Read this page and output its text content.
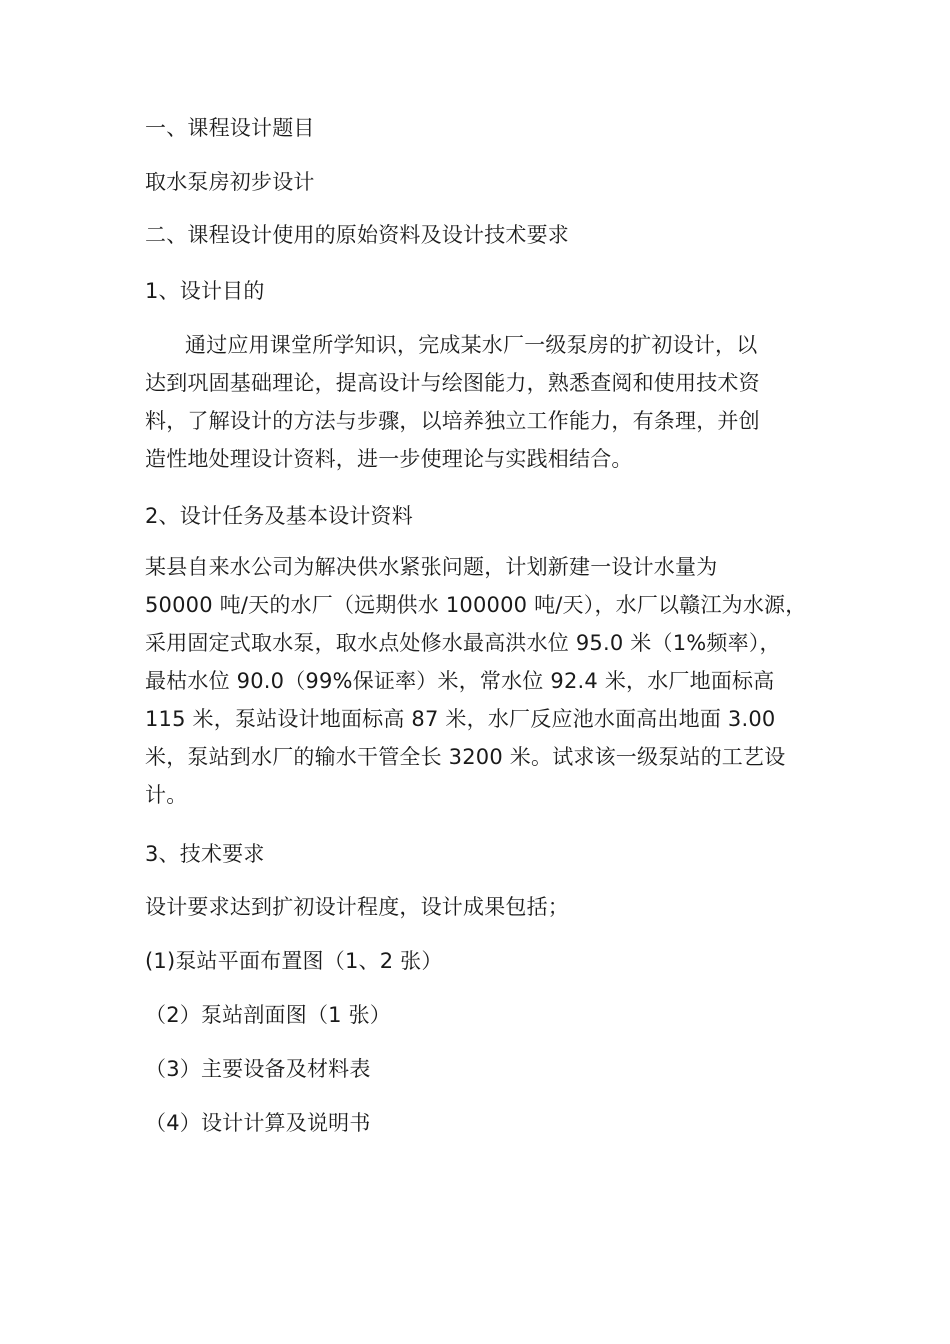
一、课程设计题目
取水泵房初步设计
二、课程设计使用的原始资料及设计技术要求
1、设计目的
通过应用课堂所学知识，完成某水厂一级泵房的扩初设计，以
达到巩固基础理论，提高设计与绘图能力，熟悉查阅和使用技术资
料，了解设计的方法与步骤，以培养独立工作能力，有条理，并创
造性地处理设计资料，进一步使理论与实践相结合。
2、设计任务及基本设计资料
某县自来水公司为解决供水紧张问题，计划新建一设计水量为
50000 吨/天的水厂（远期供水 100000 吨/天），水厂以赣江为水源，
采用固定式取水泵，取水点处修水最高洪水位 95.0 米（1%频率），
最枯水位 90.0（99%保证率）米，常水位 92.4 米，水厂地面标高
115 米，泵站设计地面标高 87 米，水厂反应池水面高出地面 3.00
米，泵站到水厂的输水干管全长 3200 米。试求该一级泵站的工艺设
计。
3、技术要求
设计要求达到扩初设计程度，设计成果包括；
(1)泵站平面布置图（1、2 张）
（2）泵站剖面图（1 张）
（3）主要设备及材料表
（4）设计计算及说明书
